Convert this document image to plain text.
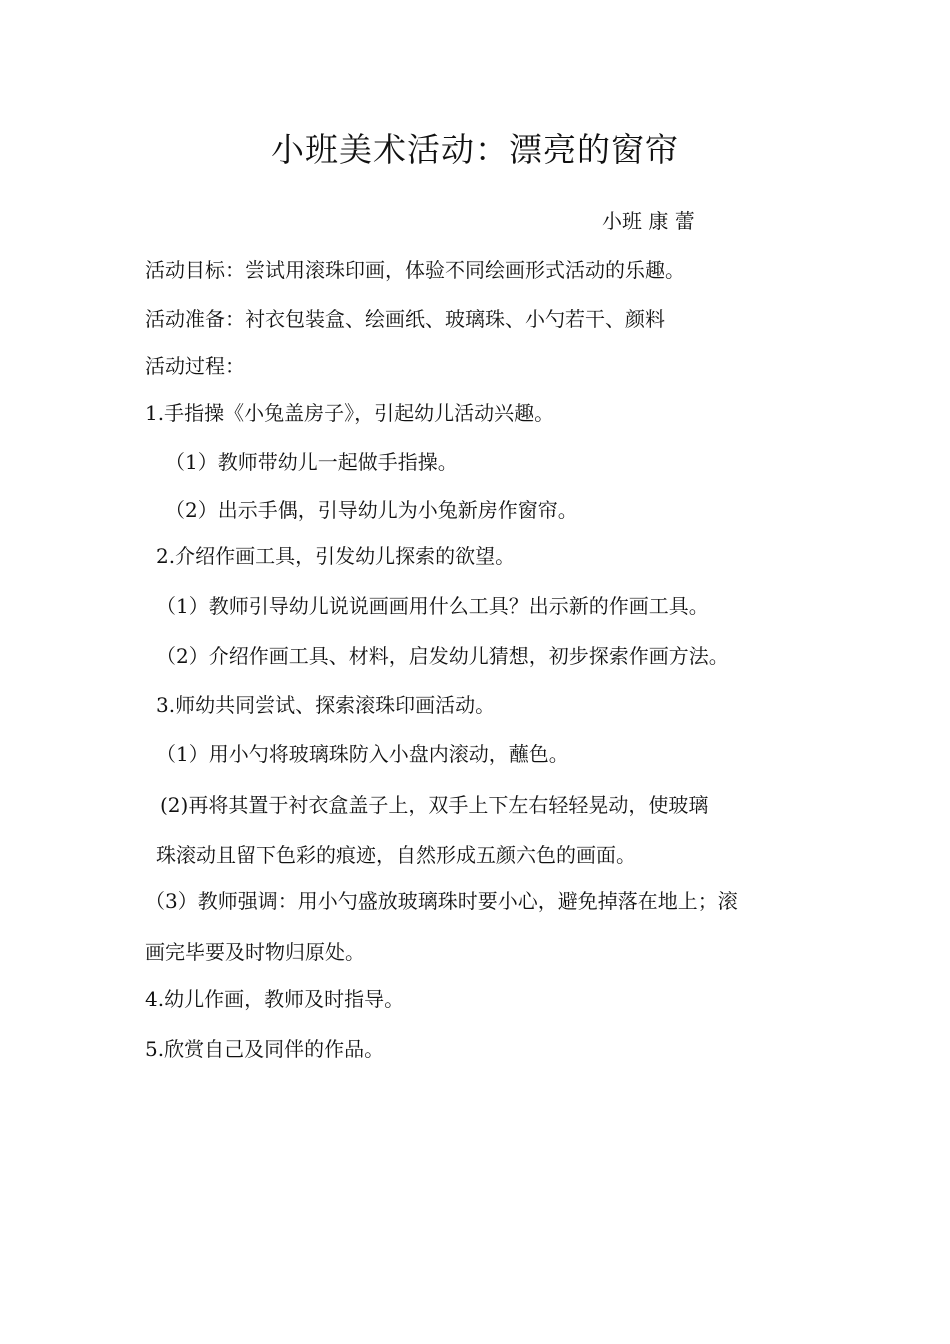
小班美术活动：漂亮的窗帘
小班 康 蕾
活动目标：尝试用滚珠印画，体验不同绘画形式活动的乐趣。
活动准备：衬衣包装盒、绘画纸、玻璃珠、小勺若干、颜料
活动过程：
1.手指操《小兔盖房子》，引起幼儿活动兴趣。
（1）教师带幼儿一起做手指操。
（2）出示手偶，引导幼儿为小兔新房作窗帘。
2.介绍作画工具，引发幼儿探索的欲望。
（1）教师引导幼儿说说画画用什么工具？出示新的作画工具。
（2）介绍作画工具、材料，启发幼儿猜想，初步探索作画方法。
3.师幼共同尝试、探索滚珠印画活动。
（1）用小勺将玻璃珠防入小盘内滚动，蘸色。
(2)再将其置于衬衣盒盖子上，双手上下左右轻轻晃动，使玻璃
珠滚动且留下色彩的痕迹，自然形成五颜六色的画面。
（3）教师强调：用小勺盛放玻璃珠时要小心，避免掉落在地上；滚
画完毕要及时物归原处。
4.幼儿作画，教师及时指导。
5.欣赏自己及同伴的作品。
